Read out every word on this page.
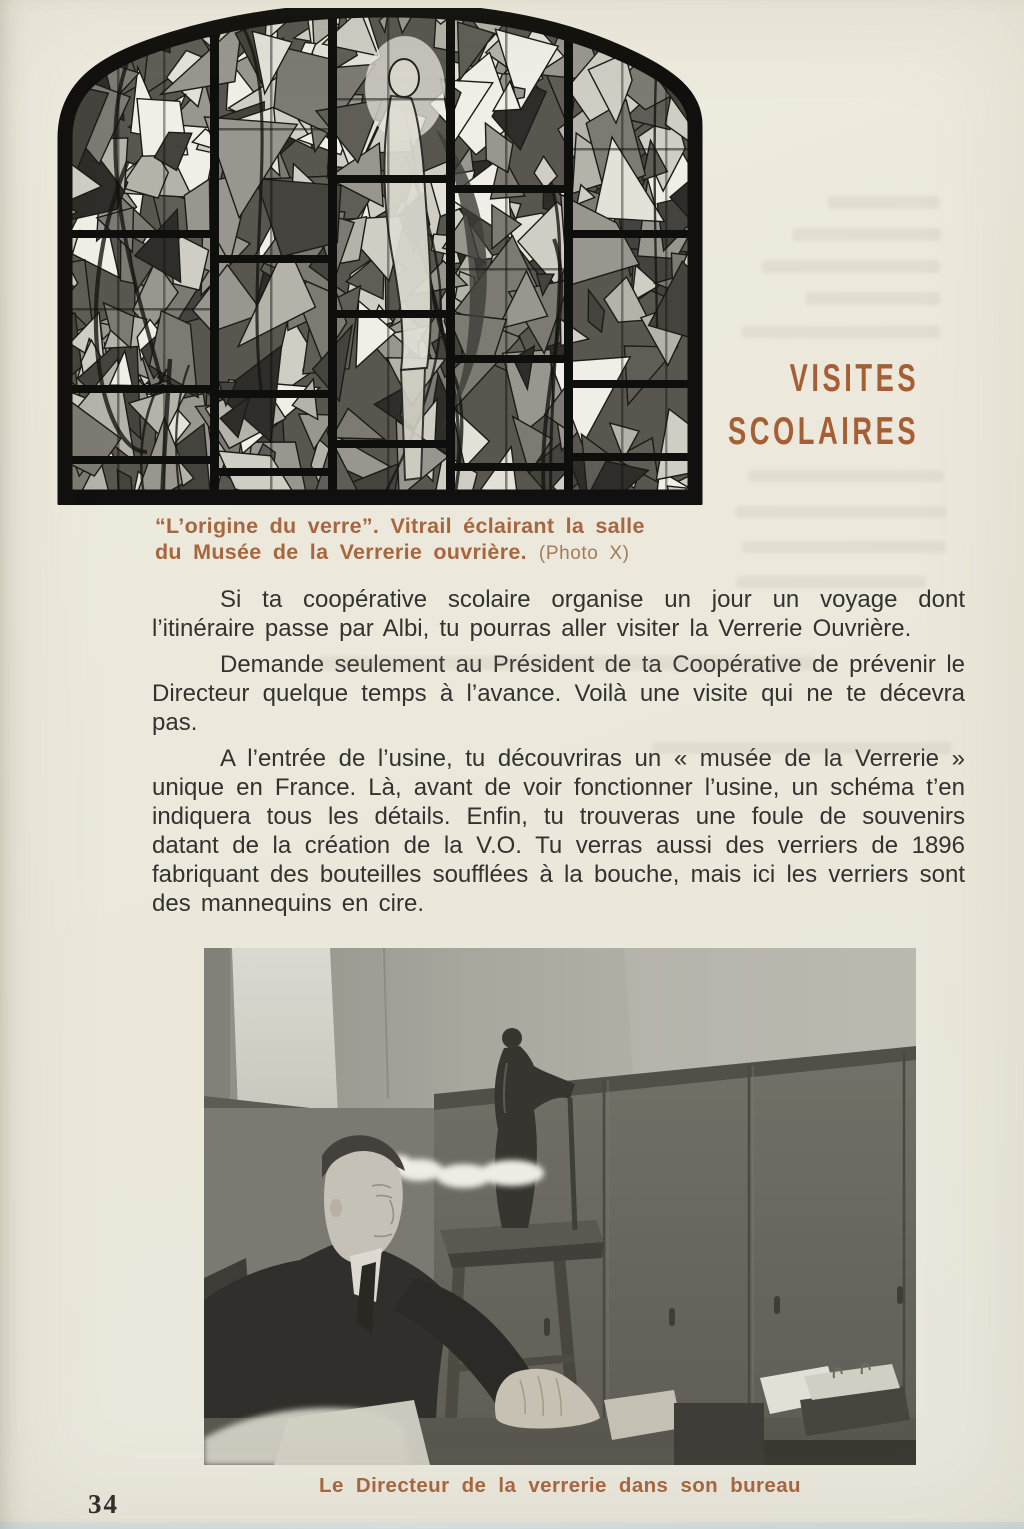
VISITES
SCOLAIRES
“L’origine du verre”. Vitrail éclairant la salle
du Musée de la Verrerie ouvrière. (Photo X)

Si ta coopérative scolaire organise un jour un voyage dont l’itinéraire passe par Albi, tu pourras aller visiter la Verrerie Ouvrière.

Demande seulement au Président de ta Coopérative de prévenir le Directeur quelque temps à l’avance. Voilà une visite qui ne te décevra pas.

A l’entrée de l’usine, tu découvriras un « musée de la Verrerie » unique en France. Là, avant de voir fonctionner l’usine, un schéma t’en indiquera tous les détails. Enfin, tu trouveras une foule de souvenirs datant de la création de la V.O. Tu verras aussi des verriers de 1896 fabriquant des bouteilles soufflées à la bouche, mais ici les verriers sont des mannequins en cire.

Le Directeur de la verrerie dans son bureau
34
